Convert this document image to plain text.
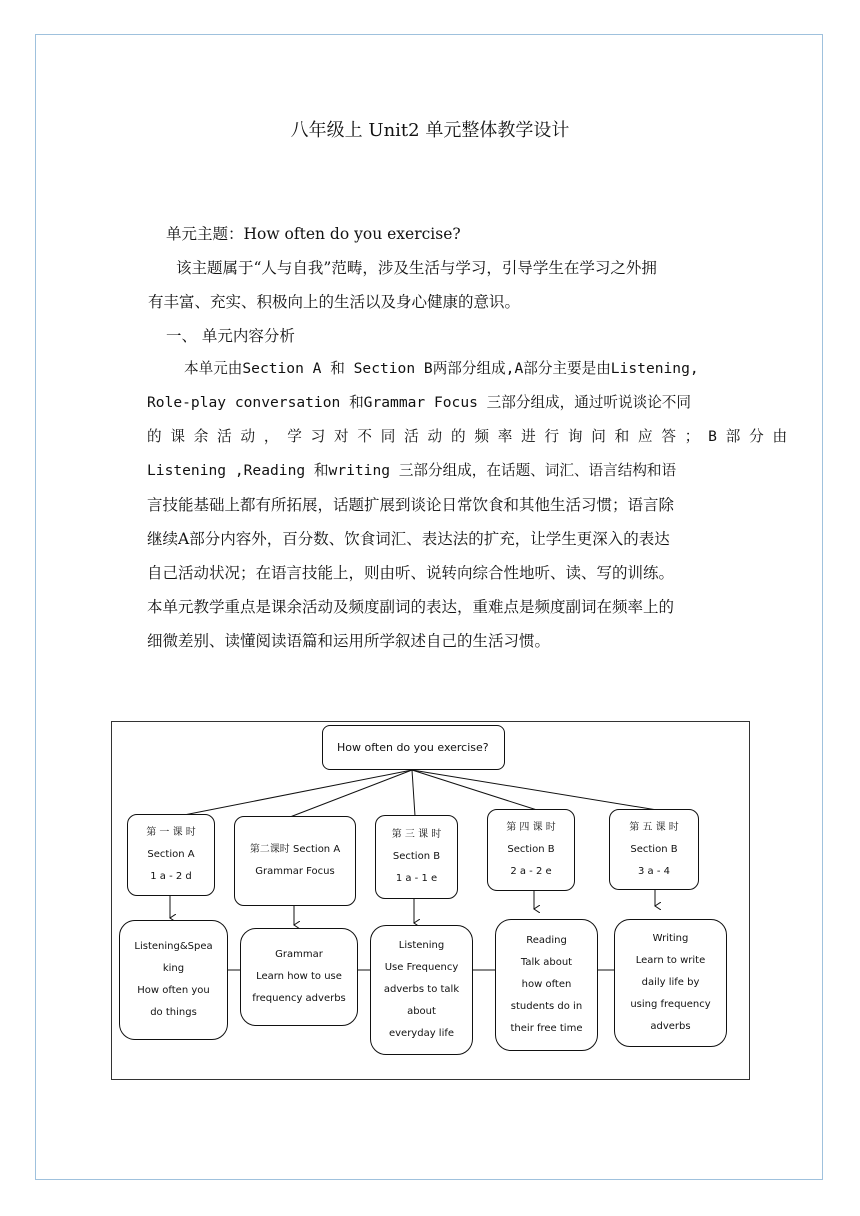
八年级上 Unit2 单元整体教学设计
单元主题：How often do you exercise?
该主题属于“人与自我”范畴，涉及生活与学习，引导学生在学习之外拥
有丰富、充实、积极向上的生活以及身心健康的意识。
一、 单元内容分析
本单元由Section A 和 Section B两部分组成,A部分主要是由Listening,
Role-play conversation 和Grammar Focus 三部分组成，通过听说谈论不同
的 课 余 活 动 ， 学 习 对 不 同 活 动 的 频 率 进 行 询 问 和 应 答 ； B 部 分 由
Listening ,Reading 和writing 三部分组成，在话题、词汇、语言结构和语
言技能基础上都有所拓展，话题扩展到谈论日常饮食和其他生活习惯；语言除
继续A部分内容外，百分数、饮食词汇、表达法的扩充，让学生更深入的表达
自己活动状况；在语言技能上，则由听、说转向综合性地听、读、写的训练。
本单元教学重点是课余活动及频度副词的表达，重难点是频度副词在频率上的
细微差别、读懂阅读语篇和运用所学叙述自己的生活习惯。
How often do you exercise?
第 一 课 时
Section A
1 a - 2 d
第二课时 Section A
Grammar Focus
第 三 课 时
Section B
1 a - 1 e
第 四 课 时
Section B
2 a - 2 e
第 五 课 时
Section B
3 a - 4
Listening&Spea
king
How often you
do things
Grammar
Learn how to use
frequency adverbs
Listening
Use Frequency
adverbs to talk
about
everyday life
Reading
Talk about
how often
students do in
their free time
Writing
Learn to write
daily life by
using frequency
adverbs
